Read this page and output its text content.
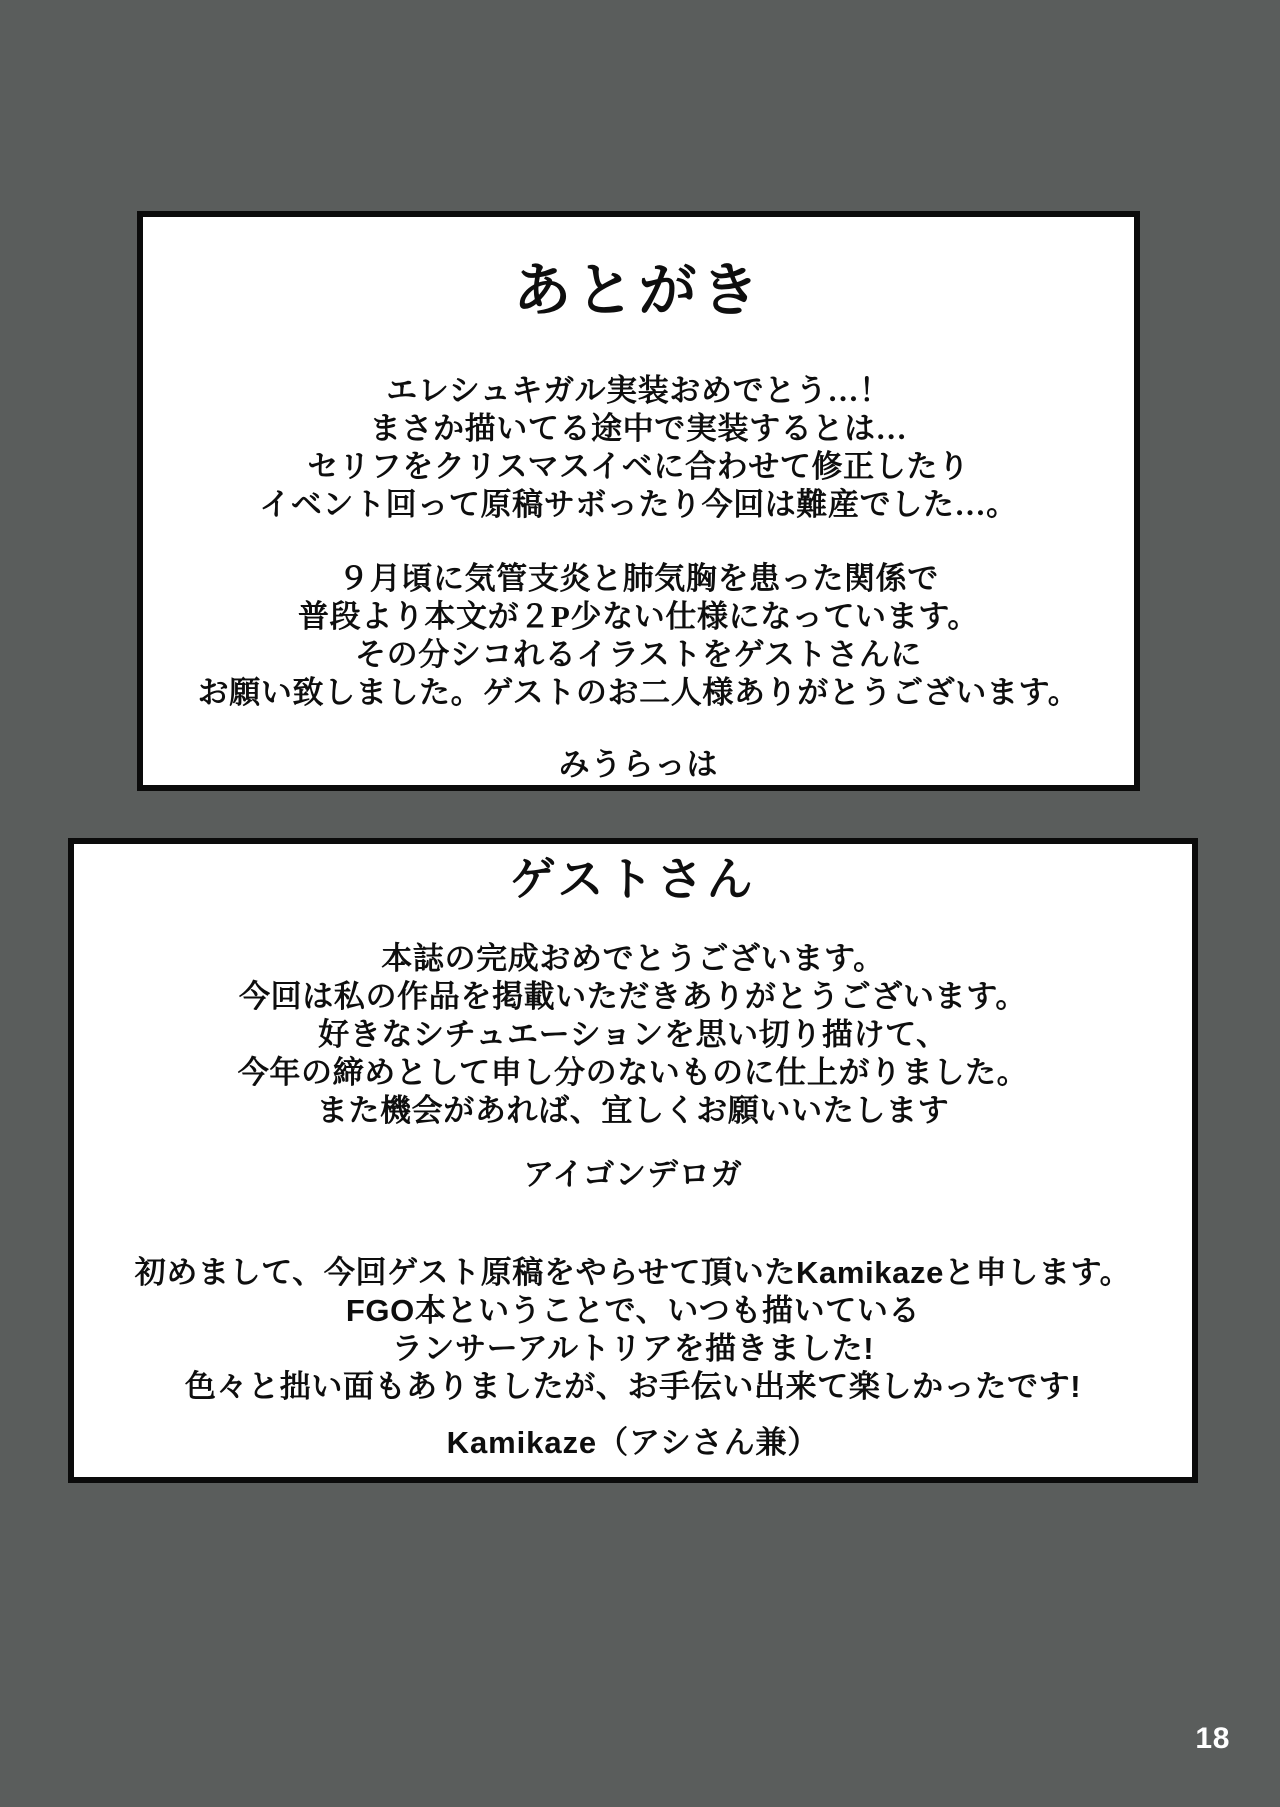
あとがき
エレシュキガル実装おめでとう…！
まさか描いてる途中で実装するとは…
セリフをクリスマスイベに合わせて修正したり
イベント回って原稿サボったり今回は難産でした…。
９月頃に気管支炎と肺気胸を患った関係で
普段より本文が２P少ない仕様になっています。
その分シコれるイラストをゲストさんに
お願い致しました。ゲストのお二人様ありがとうございます。
みうらっは
ゲストさん
本誌の完成おめでとうございます。
今回は私の作品を掲載いただきありがとうございます。
好きなシチュエーションを思い切り描けて、
今年の締めとして申し分のないものに仕上がりました。
また機会があれば、宜しくお願いいたします
アイゴンデロガ
初めまして、今回ゲスト原稿をやらせて頂いたKamikazeと申します。
FGO本ということで、いつも描いている
ランサーアルトリアを描きました!
色々と拙い面もありましたが、お手伝い出来て楽しかったです!
Kamikaze（アシさん兼）
18
